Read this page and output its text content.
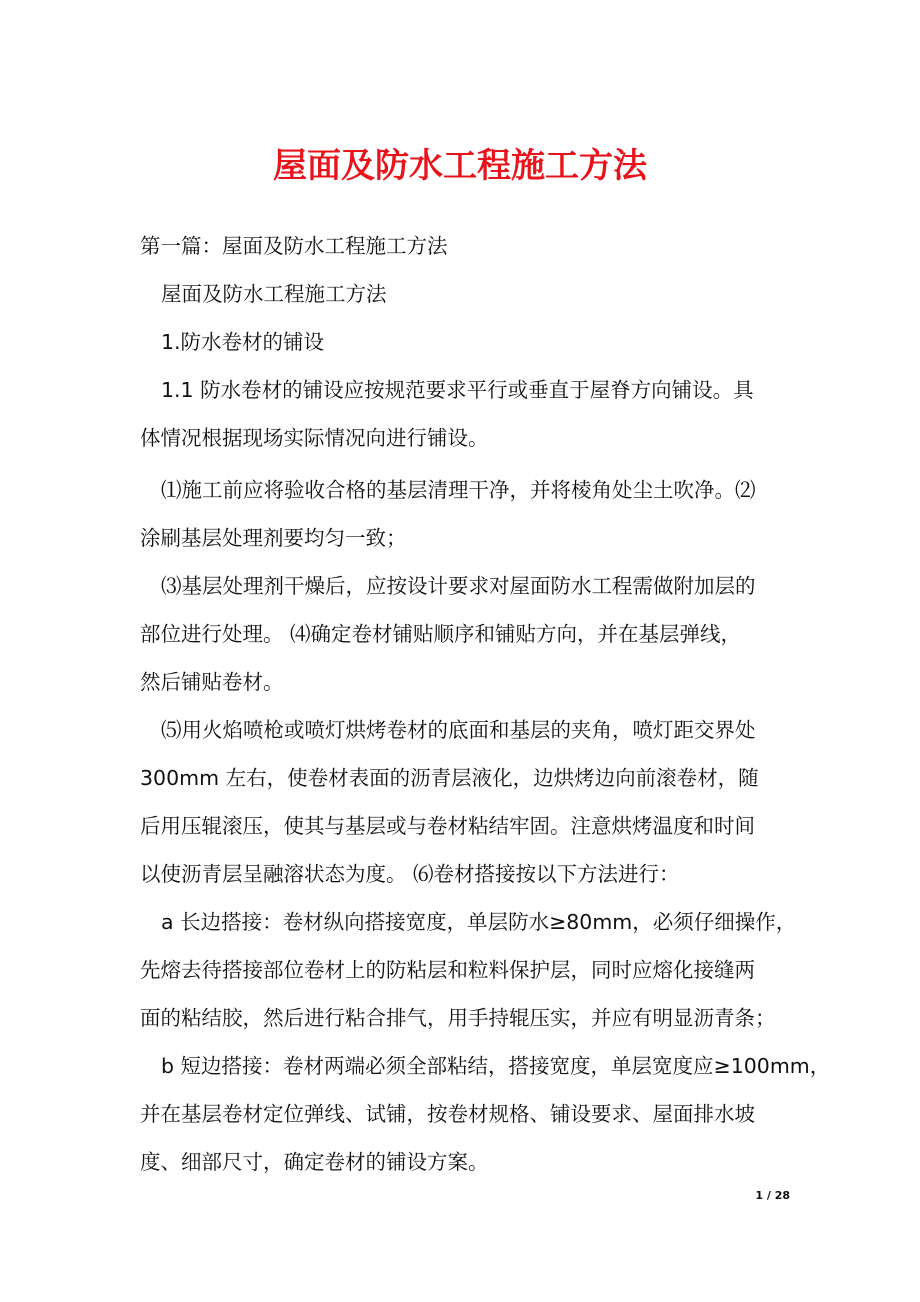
屋面及防水工程施工方法
第一篇：屋面及防水工程施工方法
屋面及防水工程施工方法
1.防水卷材的铺设
1.1 防水卷材的铺设应按规范要求平行或垂直于屋脊方向铺设。具
体情况根据现场实际情况向进行铺设。
⑴施工前应将验收合格的基层清理干净，并将棱角处尘土吹净。⑵
涂刷基层处理剂要均匀一致；
⑶基层处理剂干燥后，应按设计要求对屋面防水工程需做附加层的
部位进行处理。 ⑷确定卷材铺贴顺序和铺贴方向，并在基层弹线，
然后铺贴卷材。
⑸用火焰喷枪或喷灯烘烤卷材的底面和基层的夹角，喷灯距交界处
300mm 左右，使卷材表面的沥青层液化，边烘烤边向前滚卷材，随
后用压辊滚压，使其与基层或与卷材粘结牢固。注意烘烤温度和时间
以使沥青层呈融溶状态为度。 ⑹卷材搭接按以下方法进行：
a 长边搭接：卷材纵向搭接宽度，单层防水≥80mm，必须仔细操作，
先熔去待搭接部位卷材上的防粘层和粒料保护层，同时应熔化接缝两
面的粘结胶，然后进行粘合排气，用手持辊压实，并应有明显沥青条；
b 短边搭接：卷材两端必须全部粘结，搭接宽度，单层宽度应≥100mm，
并在基层卷材定位弹线、试铺，按卷材规格、铺设要求、屋面排水坡
度、细部尺寸，确定卷材的铺设方案。
1 / 28
